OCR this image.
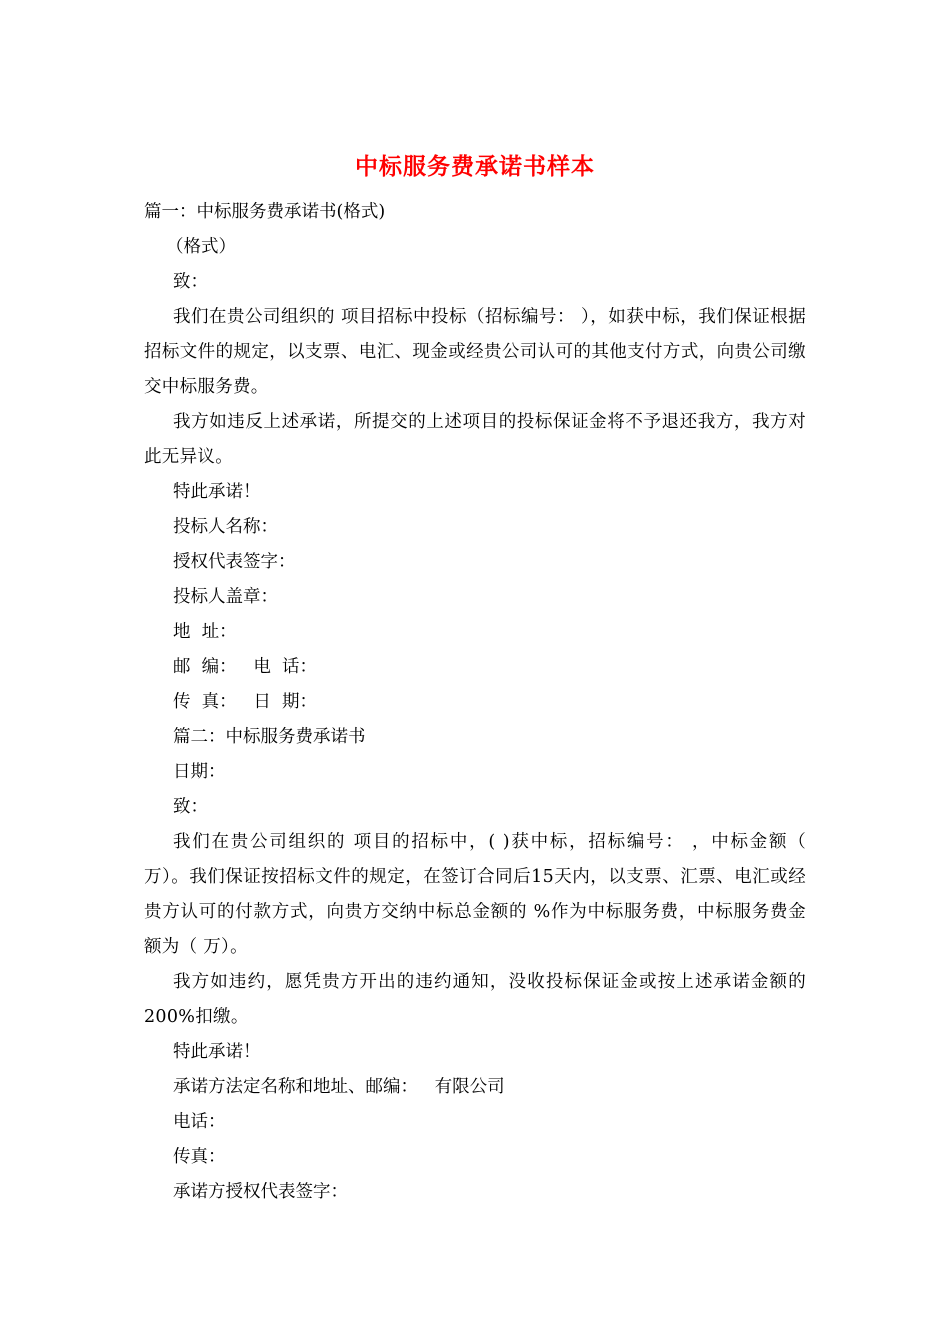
中标服务费承诺书样本
篇一：中标服务费承诺书(格式)
（格式）
致：
我们在贵公司组织的 项目招标中投标（招标编号： ），如获中标，我们保证根据招标文件的规定，以支票、电汇、现金或经贵公司认可的其他支付方式，向贵公司缴交中标服务费。
我方如违反上述承诺，所提交的上述项目的投标保证金将不予退还我方，我方对此无异议。
特此承诺！
投标人名称：
授权代表签字：
投标人盖章：
地  址：
邮  编：   电  话：
传  真：   日  期：
篇二：中标服务费承诺书
日期：
致：
我们在贵公司组织的 项目的招标中，( )获中标，招标编号： ，中标金额（ 万）。我们保证按招标文件的规定，在签订合同后15天内，以支票、汇票、电汇或经贵方认可的付款方式，向贵方交纳中标总金额的 %作为中标服务费，中标服务费金额为（ 万）。
我方如违约，愿凭贵方开出的违约通知，没收投标保证金或按上述承诺金额的200%扣缴。
特此承诺！
承诺方法定名称和地址、邮编：   有限公司
电话：
传真：
承诺方授权代表签字：
